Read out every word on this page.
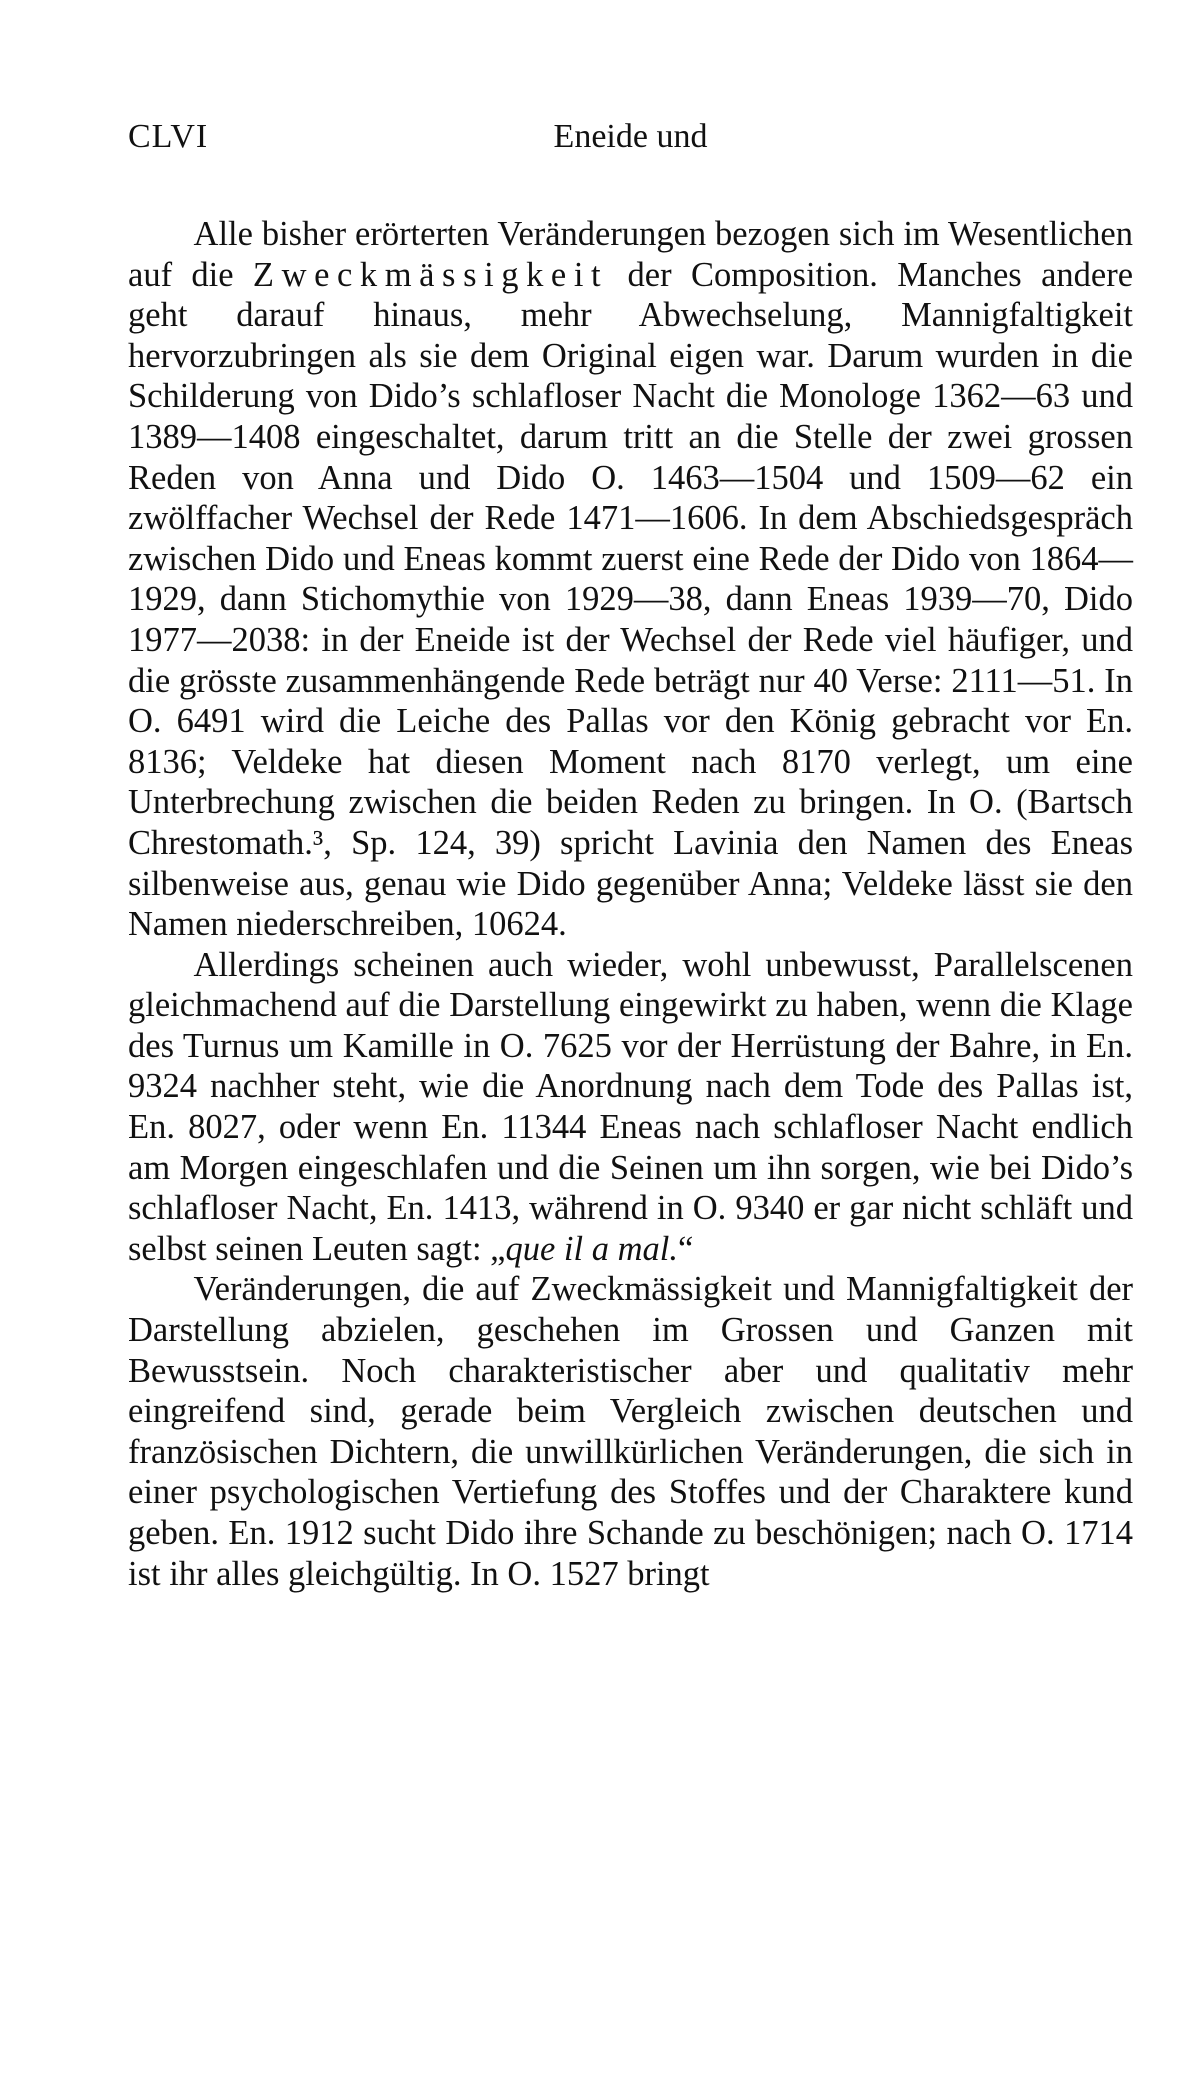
CLVI	Eneide und

Alle bisher erörterten Veränderungen bezogen sich im Wesentlichen auf die Zweckmässigkeit der Composition. Manches andere geht darauf hinaus, mehr Abwechselung, Mannigfaltigkeit hervorzubringen als sie dem Original eigen war. Darum wurden in die Schilderung von Dido’s schlafloser Nacht die Monologe 1362—63 und 1389—1408 eingeschaltet, darum tritt an die Stelle der zwei grossen Reden von Anna und Dido O. 1463—1504 und 1509—62 ein zwölffacher Wechsel der Rede 1471—1606. In dem Abschiedsgespräch zwischen Dido und Eneas kommt zuerst eine Rede der Dido von 1864—1929, dann Stichomythie von 1929—38, dann Eneas 1939—70, Dido 1977—2038: in der Eneide ist der Wechsel der Rede viel häufiger, und die grösste zusammenhängende Rede beträgt nur 40 Verse: 2111—51. In O. 6491 wird die Leiche des Pallas vor den König gebracht vor En. 8136; Veldeke hat diesen Moment nach 8170 verlegt, um eine Unterbrechung zwischen die beiden Reden zu bringen. In O. (Bartsch Chrestomath.³, Sp. 124, 39) spricht Lavinia den Namen des Eneas silbenweise aus, genau wie Dido gegenüber Anna; Veldeke lässt sie den Namen niederschreiben, 10624.

Allerdings scheinen auch wieder, wohl unbewusst, Parallelscenen gleichmachend auf die Darstellung eingewirkt zu haben, wenn die Klage des Turnus um Kamille in O. 7625 vor der Herrüstung der Bahre, in En. 9324 nachher steht, wie die Anordnung nach dem Tode des Pallas ist, En. 8027, oder wenn En. 11344 Eneas nach schlafloser Nacht endlich am Morgen eingeschlafen und die Seinen um ihn sorgen, wie bei Dido’s schlafloser Nacht, En. 1413, während in O. 9340 er gar nicht schläft und selbst seinen Leuten sagt: „que il a mal.“

Veränderungen, die auf Zweckmässigkeit und Mannigfaltigkeit der Darstellung abzielen, geschehen im Grossen und Ganzen mit Bewusstsein. Noch charakteristischer aber und qualitativ mehr eingreifend sind, gerade beim Vergleich zwischen deutschen und französischen Dichtern, die unwillkürlichen Veränderungen, die sich in einer psychologischen Vertiefung des Stoffes und der Charaktere kund geben. En. 1912 sucht Dido ihre Schande zu beschönigen; nach O. 1714 ist ihr alles gleichgültig. In O. 1527 bringt
